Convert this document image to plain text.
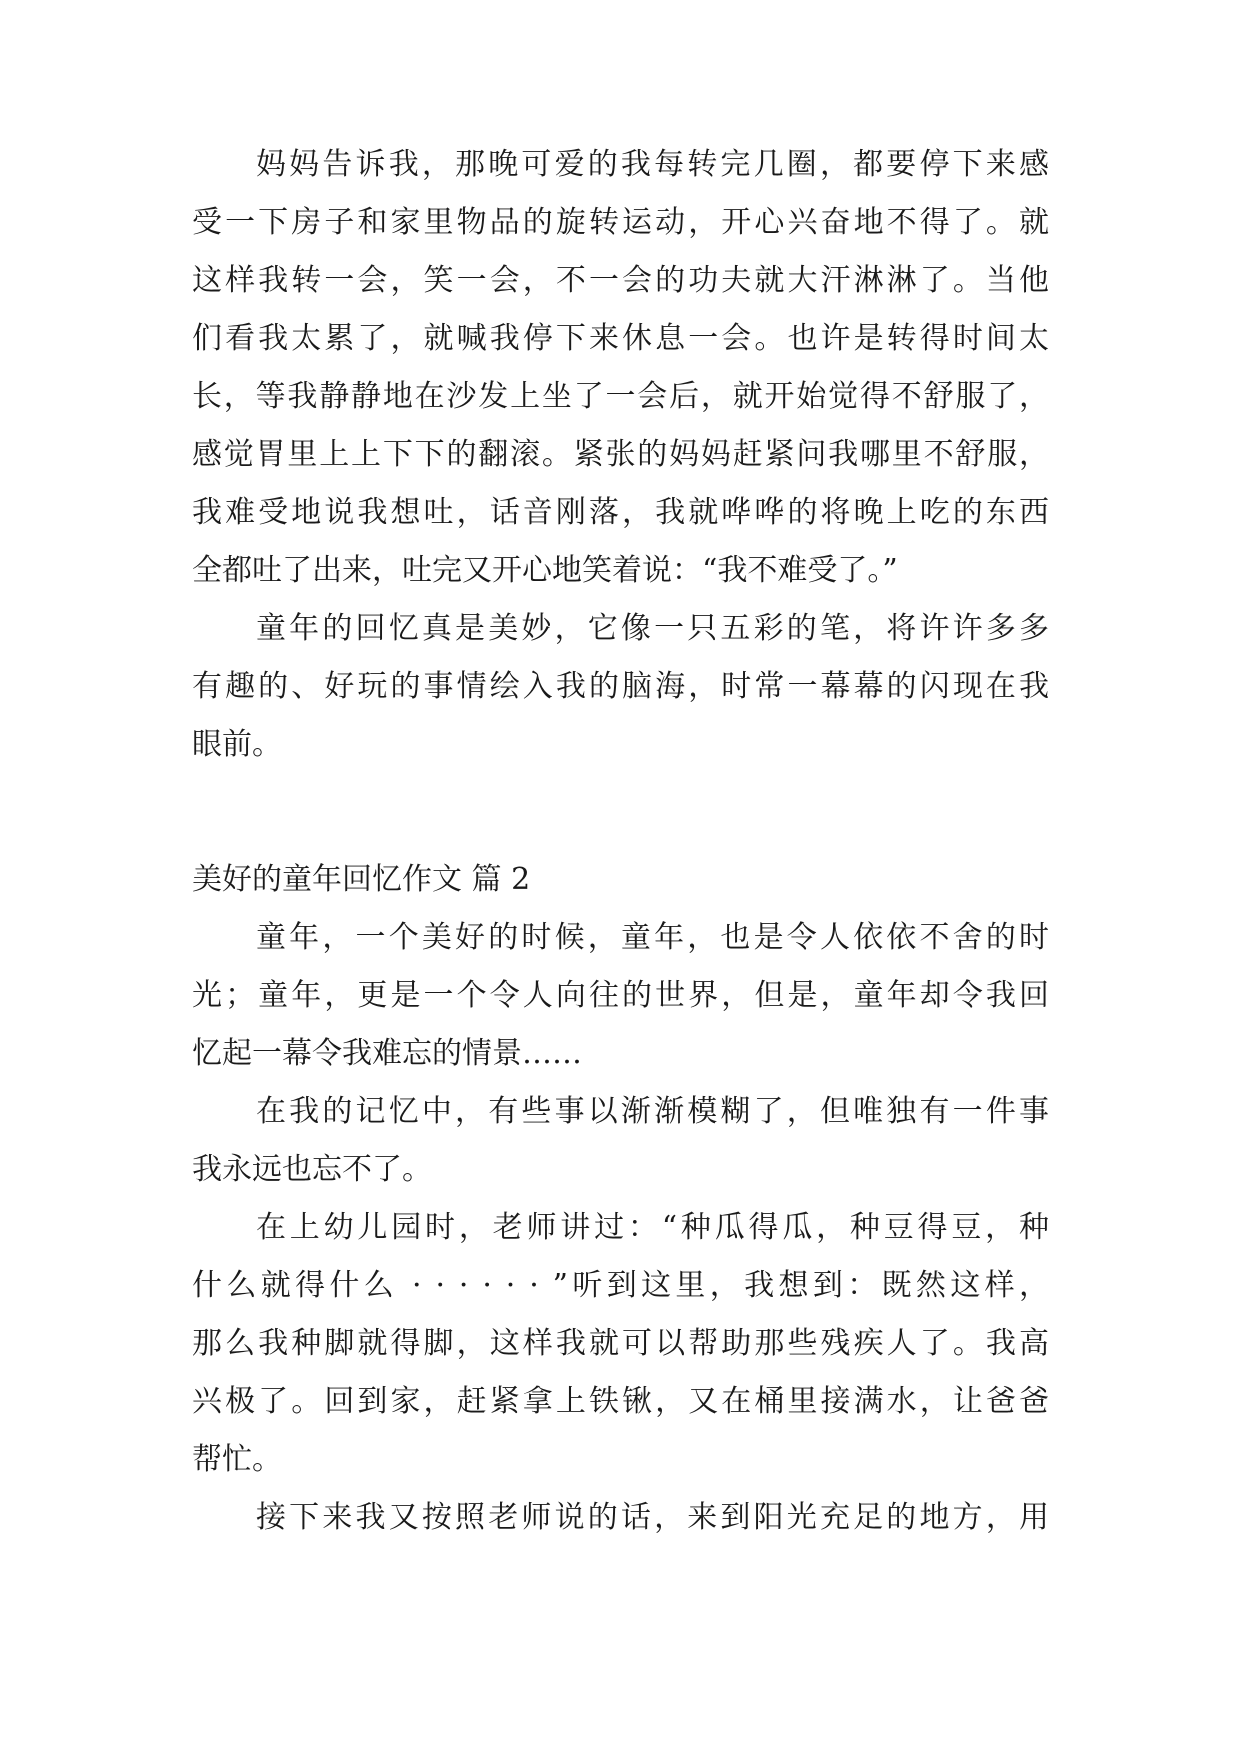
妈妈告诉我，那晚可爱的我每转完几圈，都要停下来感
受一下房子和家里物品的旋转运动，开心兴奋地不得了。就
这样我转一会，笑一会，不一会的功夫就大汗淋淋了。当他
们看我太累了，就喊我停下来休息一会。也许是转得时间太
长，等我静静地在沙发上坐了一会后，就开始觉得不舒服了，
感觉胃里上上下下的翻滚。紧张的妈妈赶紧问我哪里不舒服，
我难受地说我想吐，话音刚落，我就哗哗的将晚上吃的东西
全都吐了出来，吐完又开心地笑着说：“我不难受了。”
童年的回忆真是美妙，它像一只五彩的笔，将许许多多
有趣的、好玩的事情绘入我的脑海，时常一幕幕的闪现在我
眼前。
美好的童年回忆作文 篇 2
童年，一个美好的时候，童年，也是令人依依不舍的时
光；童年，更是一个令人向往的世界，但是，童年却令我回
忆起一幕令我难忘的情景……
在我的记忆中，有些事以渐渐模糊了，但唯独有一件事
我永远也忘不了。
在上幼儿园时，老师讲过：“种瓜得瓜，种豆得豆，种
什么就得什么 · · · · · · ”听到这里，我想到：既然这样，
那么我种脚就得脚，这样我就可以帮助那些残疾人了。我高
兴极了。回到家，赶紧拿上铁锹，又在桶里接满水，让爸爸
帮忙。
接下来我又按照老师说的话，来到阳光充足的地方，用
